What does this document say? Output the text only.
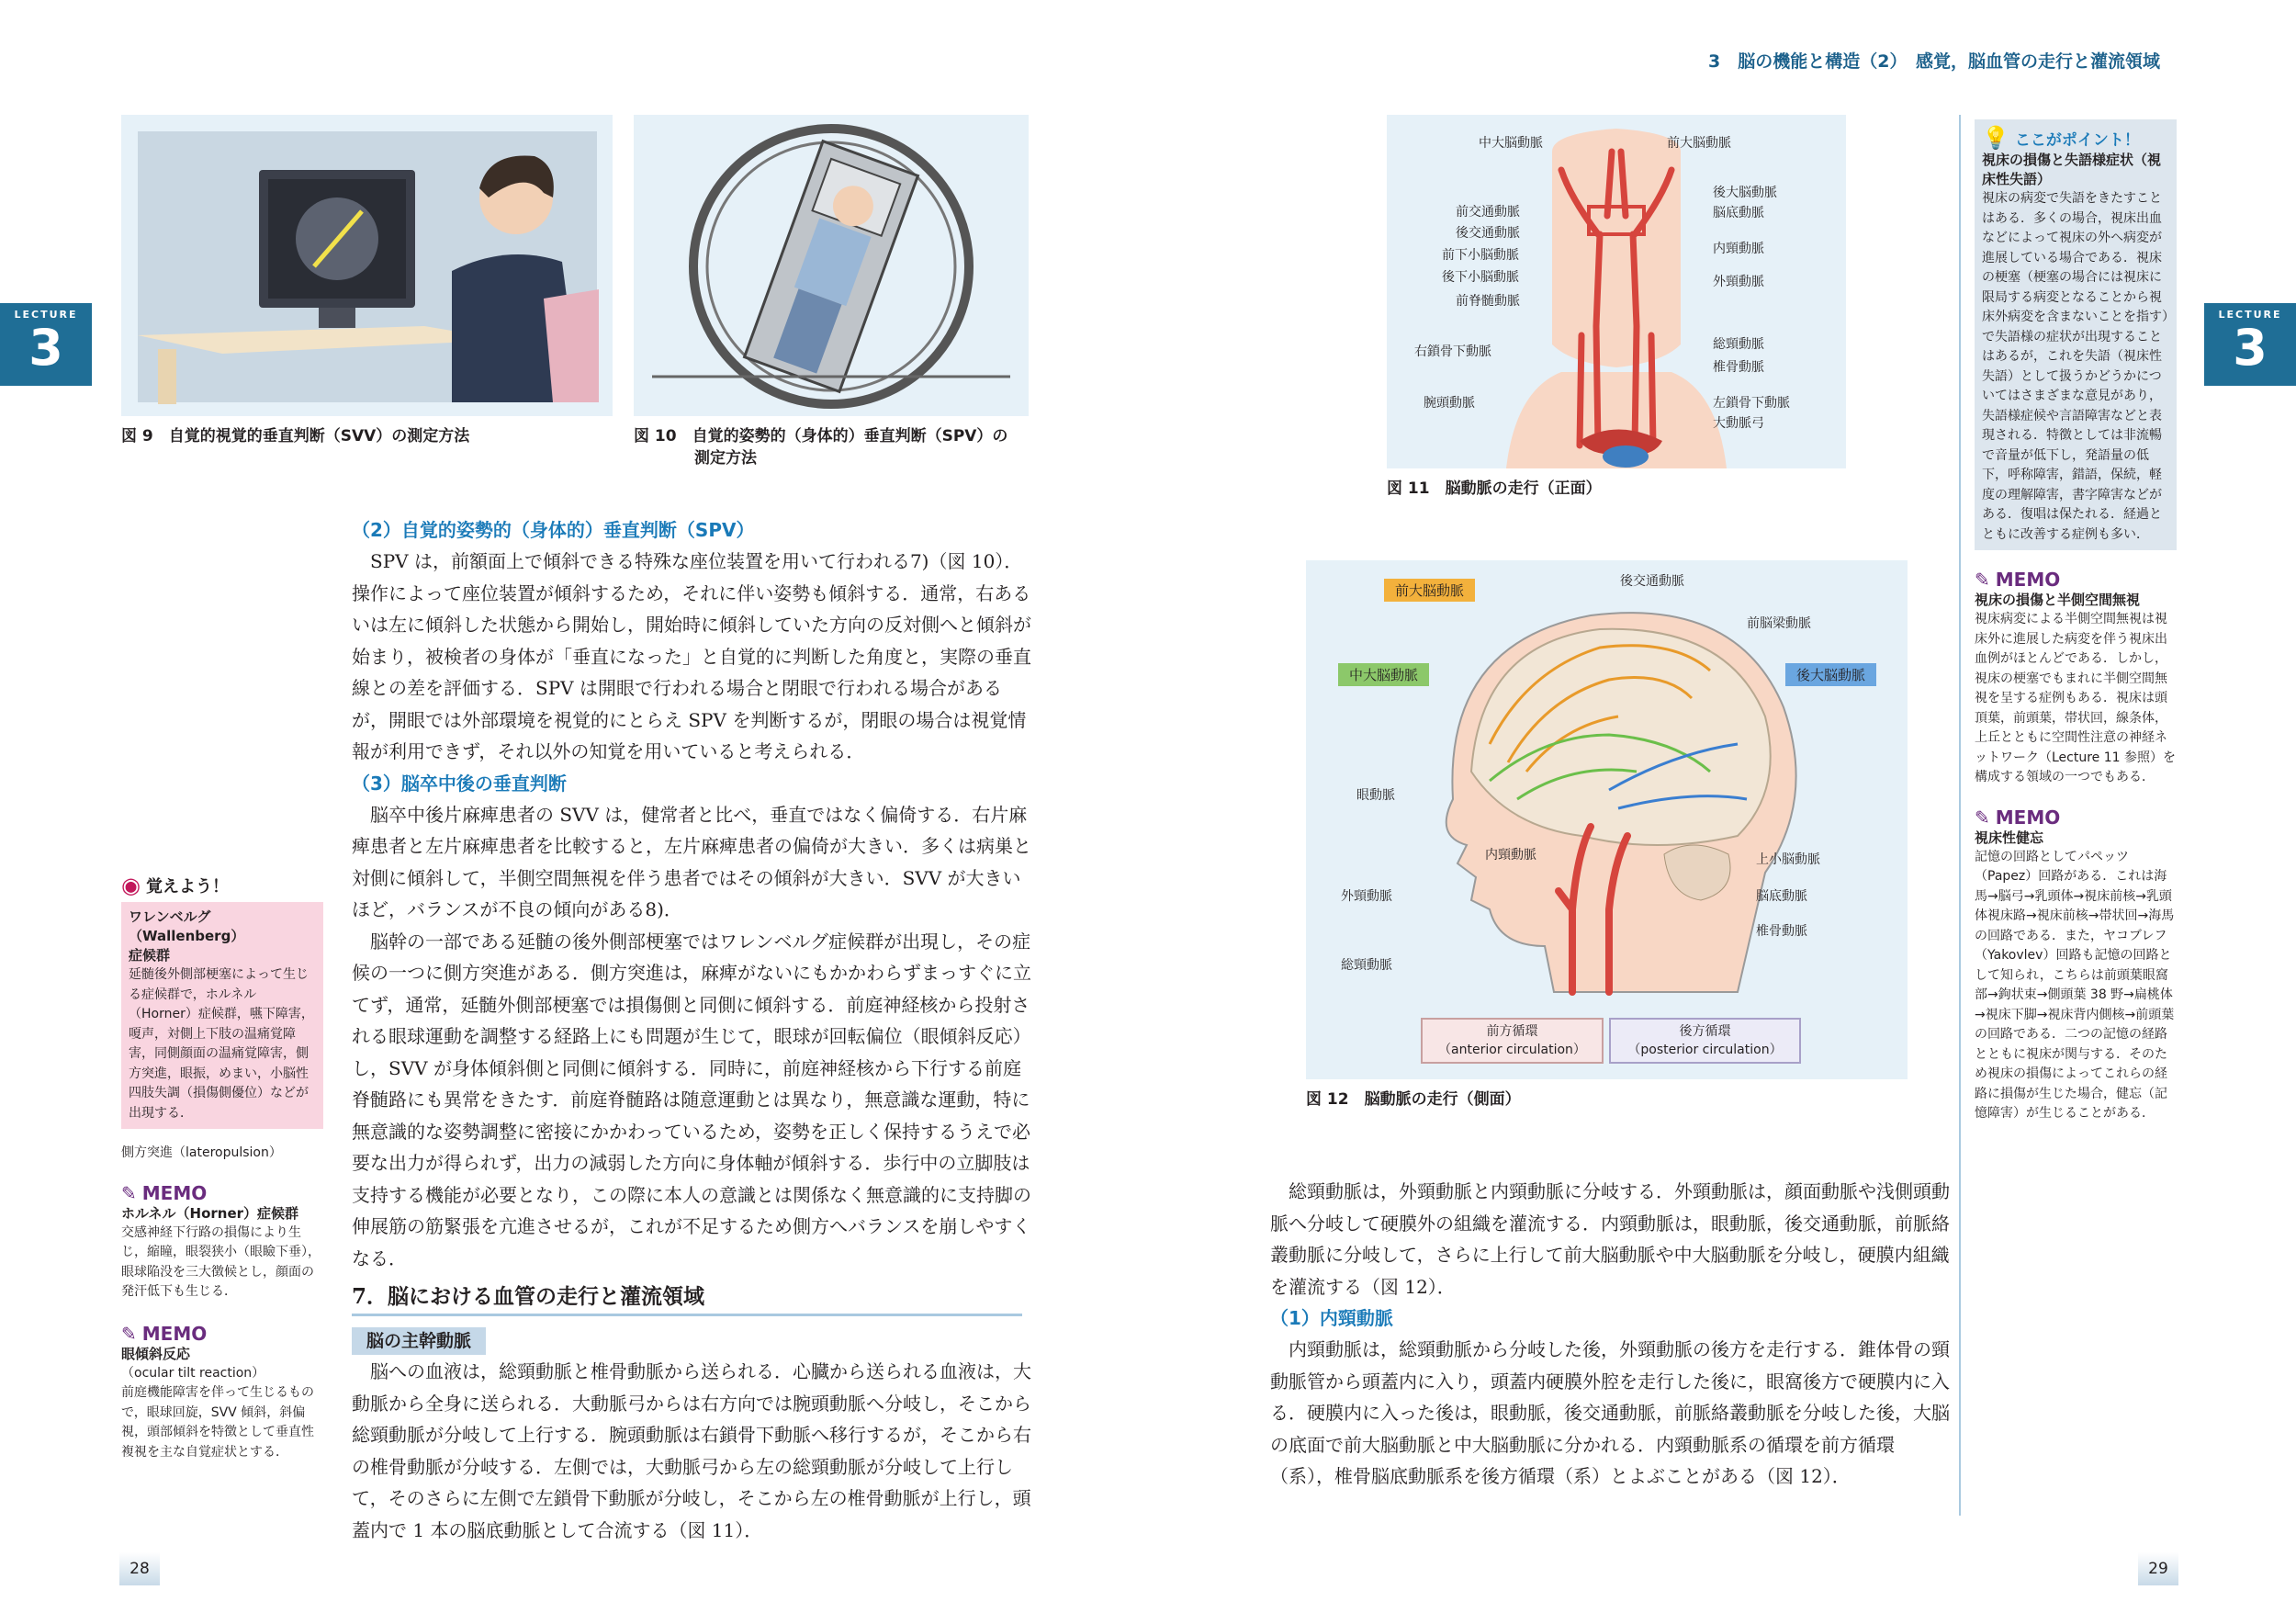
LECTURE
3
図 9　自覚的視覚的垂直判断（SVV）の測定方法	図 10　自覚的姿勢的（身体的）垂直判断（SPV）の
測定方法
（2）自覚的姿勢的（身体的）垂直判断（SPV）

SPV は，前額面上で傾斜できる特殊な座位装置を用いて行われる7)（図 10）．操作によって座位装置が傾斜するため，それに伴い姿勢も傾斜する．通常，右あるいは左に傾斜した状態から開始し，開始時に傾斜していた方向の反対側へと傾斜が始まり，被検者の身体が「垂直になった」と自覚的に判断した角度と，実際の垂直線との差を評価する．SPV は開眼で行われる場合と閉眼で行われる場合があるが，開眼では外部環境を視覚的にとらえ SPV を判断するが，閉眼の場合は視覚情報が利用できず，それ以外の知覚を用いていると考えられる．

（3）脳卒中後の垂直判断

脳卒中後片麻痺患者の SVV は，健常者と比べ，垂直ではなく偏倚する．右片麻痺患者と左片麻痺患者を比較すると，左片麻痺患者の偏倚が大きい．多くは病巣と対側に傾斜して，半側空間無視を伴う患者ではその傾斜が大きい．SVV が大きいほど，バランスが不良の傾向がある8)．

脳幹の一部である延髄の後外側部梗塞ではワレンベルグ症候群が出現し，その症候の一つに側方突進がある．側方突進は，麻痺がないにもかかわらずまっすぐに立てず，通常，延髄外側部梗塞では損傷側と同側に傾斜する．前庭神経核から投射される眼球運動を調整する経路上にも問題が生じて，眼球が回転偏位（眼傾斜反応）し，SVV が身体傾斜側と同側に傾斜する．同時に，前庭神経核から下行する前庭脊髄路にも異常をきたす．前庭脊髄路は随意運動とは異なり，無意識な運動，特に無意識的な姿勢調整に密接にかかわっているため，姿勢を正しく保持するうえで必要な出力が得られず，出力の減弱した方向に身体軸が傾斜する．歩行中の立脚肢は支持する機能が必要となり，この際に本人の意識とは関係なく無意識的に支持脚の伸展筋の筋緊張を亢進させるが，これが不足するため側方へバランスを崩しやすくなる．

7．脳における血管の走行と灌流領域
脳の主幹動脈

脳への血液は，総頸動脈と椎骨動脈から送られる．心臓から送られる血液は，大動脈から全身に送られる．大動脈弓からは右方向では腕頭動脈へ分岐し，そこから総頸動脈が分岐して上行する．腕頭動脈は右鎖骨下動脈へ移行するが，そこから右の椎骨動脈が分岐する．左側では，大動脈弓から左の総頸動脈が分岐して上行して，そのさらに左側で左鎖骨下動脈が分岐し，そこから左の椎骨動脈が上行し，頭蓋内で 1 本の脳底動脈として合流する（図 11）．

◉ 覚えよう！
ワレンベルグ（Wallenberg）
症候群
延髄後外側部梗塞によって生じる症候群で，ホルネル（Horner）症候群，嚥下障害，嗄声，対側上下肢の温痛覚障害，同側顔面の温痛覚障害，側方突進，眼振，めまい，小脳性四肢失調（損傷側優位）などが出現する．
側方突進（lateropulsion）
✎ MEMO
ホルネル（Horner）症候群
交感神経下行路の損傷により生じ，縮瞳，眼裂狭小（眼瞼下垂），眼球陥没を三大徴候とし，顔面の発汗低下も生じる．
✎ MEMO
眼傾斜反応
（ocular tilt reaction）
前庭機能障害を伴って生じるもので，眼球回旋，SVV 傾斜，斜偏視，頭部傾斜を特徴として垂直性複視を主な自覚症状とする．
28
3　脳の機能と構造（2）　感覚，脳血管の走行と灌流領域
LECTURE
3
中大脳動脈
前交通動脈
後交通動脈
前下小脳動脈
後下小脳動脈
前脊髄動脈
右鎖骨下動脈
腕頭動脈
前大脳動脈
後大脳動脈
脳底動脈
内頸動脈
外頸動脈
総頸動脈
椎骨動脈
左鎖骨下動脈
大動脈弓
図 11　脳動脈の走行（正面）
前大脳動脈
中大脳動脈	後大脳動脈
後交通動脈
前脳梁動脈
眼動脈
内頸動脈
外頸動脈
総頸動脈
上小脳動脈
脳底動脈
椎骨動脈
前方循環
（anterior circulation）
後方循環
（posterior circulation）
図 12　脳動脈の走行（側面）

総頸動脈は，外頸動脈と内頸動脈に分岐する．外頸動脈は，顔面動脈や浅側頭動脈へ分岐して硬膜外の組織を灌流する．内頸動脈は，眼動脈，後交通動脈，前脈絡叢動脈に分岐して，さらに上行して前大脳動脈や中大脳動脈を分岐し，硬膜内組織を灌流する（図 12）．

（1）内頸動脈

内頸動脈は，総頸動脈から分岐した後，外頸動脈の後方を走行する．錐体骨の頸動脈管から頭蓋内に入り，頭蓋内硬膜外腔を走行した後に，眼窩後方で硬膜内に入る．硬膜内に入った後は，眼動脈，後交通動脈，前脈絡叢動脈を分岐した後，大脳の底面で前大脳動脈と中大脳動脈に分かれる．内頸動脈系の循環を前方循環（系），椎骨脳底動脈系を後方循環（系）とよぶことがある（図 12）．

💡 ここがポイント！
視床の損傷と失語様症状（視床性失語）
視床の病変で失語をきたすことはある．多くの場合，視床出血などによって視床の外へ病変が進展している場合である．視床の梗塞（梗塞の場合には視床に限局する病変となることから視床外病変を含まないことを指す）で失語様の症状が出現することはあるが，これを失語（視床性失語）として扱うかどうかについてはさまざまな意見があり，失語様症候や言語障害などと表現される．特徴としては非流暢で音量が低下し，発語量の低下，呼称障害，錯語，保続，軽度の理解障害，書字障害などがある．復唱は保たれる．経過とともに改善する症例も多い．
✎ MEMO
視床の損傷と半側空間無視
視床病変による半側空間無視は視床外に進展した病変を伴う視床出血例がほとんどである．しかし，視床の梗塞でもまれに半側空間無視を呈する症例もある．視床は頭頂葉，前頭葉，帯状回，線条体，上丘とともに空間性注意の神経ネットワーク（Lecture 11 参照）を構成する領域の一つでもある．
✎ MEMO
視床性健忘
記憶の回路としてパペッツ（Papez）回路がある．これは海馬→脳弓→乳頭体→視床前核→乳頭体視床路→視床前核→帯状回→海馬の回路である．また，ヤコブレフ（Yakovlev）回路も記憶の回路として知られ，こちらは前頭葉眼窩部→鉤状束→側頭葉 38 野→扁桃体→視床下脚→視床背内側核→前頭葉の回路である．二つの記憶の経路とともに視床が関与する．そのため視床の損傷によってこれらの経路に損傷が生じた場合，健忘（記憶障害）が生じることがある．
29
